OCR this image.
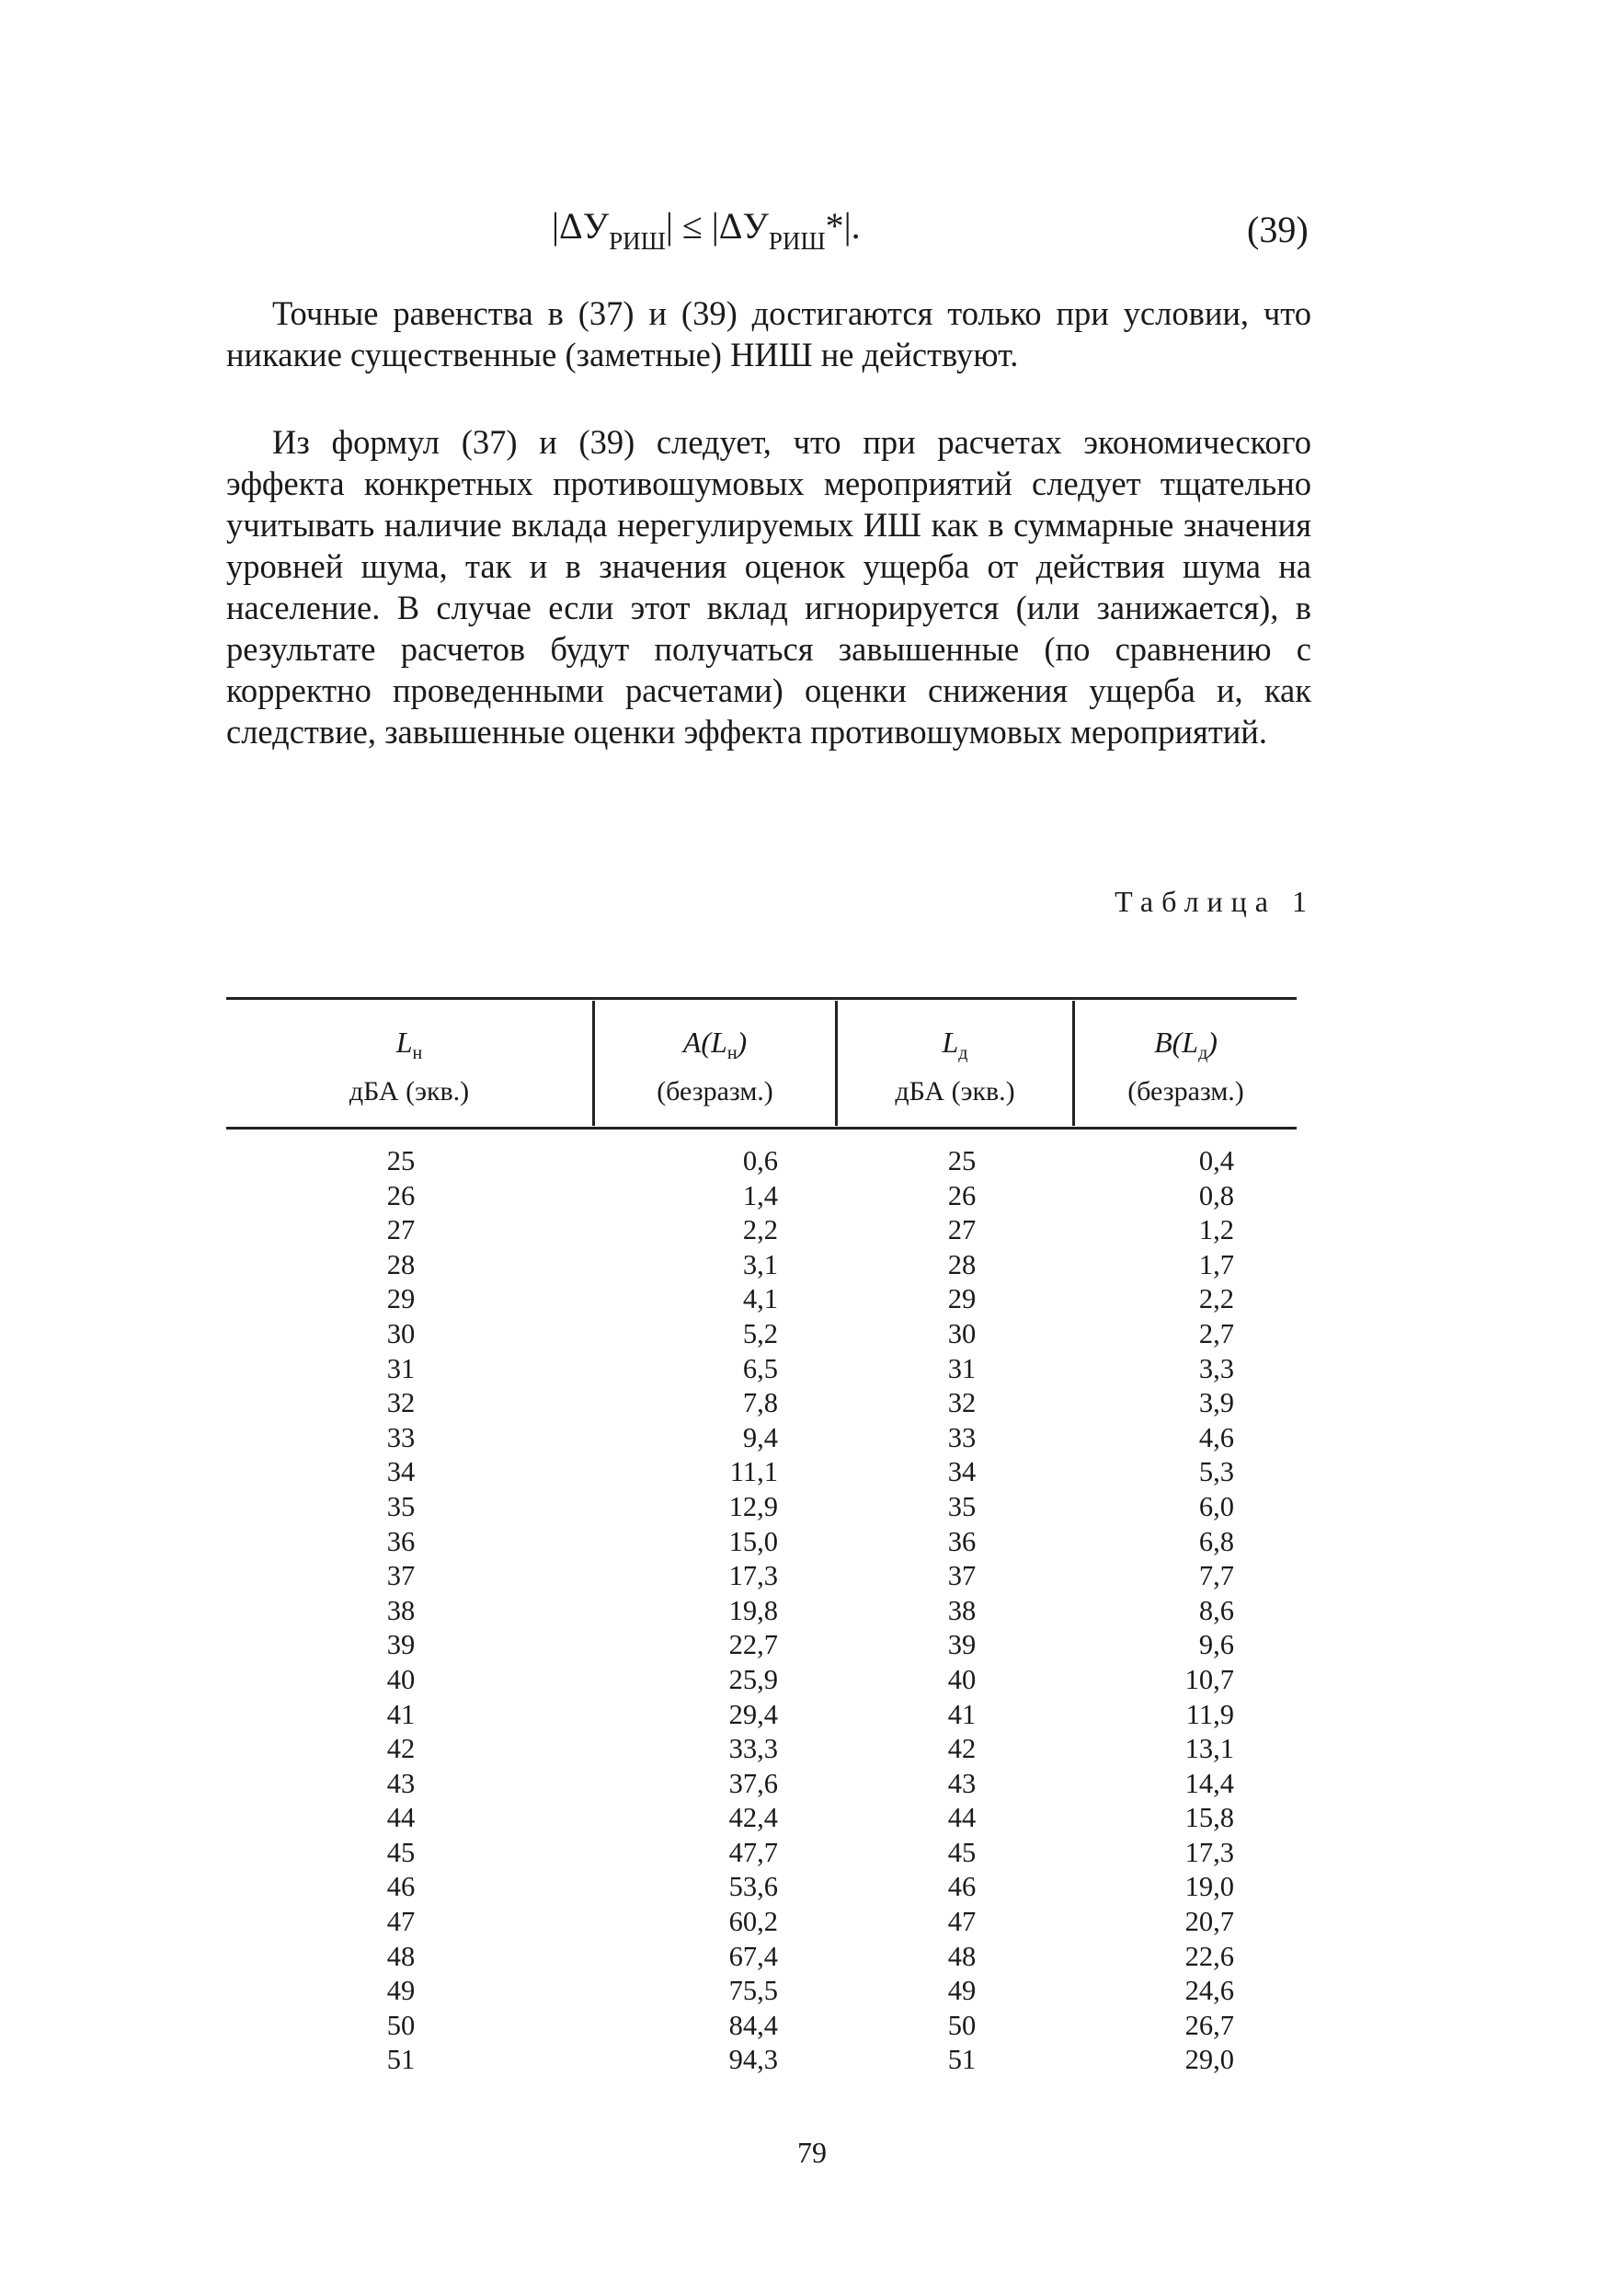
$|\Delta У_{РИШ}| \le |\Delta У_{РИШ}*|$.	(39)

Точные равенства в (37) и (39) достигаются только при условии, что никакие существенные (заметные) НИШ не действуют.

Из формул (37) и (39) следует, что при расчетах экономического эффекта конкретных противошумовых мероприятий следует тщательно учитывать наличие вклада нерегулируемых ИШ как в суммарные значения уровней шума, так и в значения оценок ущерба от действия шума на население. В случае если этот вклад игнорируется (или занижается), в результате расчетов будут получаться завышенные (по сравнению с корректно проведенными расчетами) оценки снижения ущерба и, как следствие, завышенные оценки эффекта противошумовых мероприятий.

Таблица 1
$L_н$
дБА (экв.)
$A(L_н)$
(безразм.)
$L_д$
дБА (экв.)
$B(L_д)$
(безразм.)
25
26
27
28
29
30
31
32
33
34
35
36
37
38
39
40
41
42
43
44
45
46
47
48
49
50
51
0,6
1,4
2,2
3,1
4,1
5,2
6,5
7,8
9,4
11,1
12,9
15,0
17,3
19,8
22,7
25,9
29,4
33,3
37,6
42,4
47,7
53,6
60,2
67,4
75,5
84,4
94,3
25
26
27
28
29
30
31
32
33
34
35
36
37
38
39
40
41
42
43
44
45
46
47
48
49
50
51
0,4
0,8
1,2
1,7
2,2
2,7
3,3
3,9
4,6
5,3
6,0
6,8
7,7
8,6
9,6
10,7
11,9
13,1
14,4
15,8
17,3
19,0
20,7
22,6
24,6
26,7
29,0
79
